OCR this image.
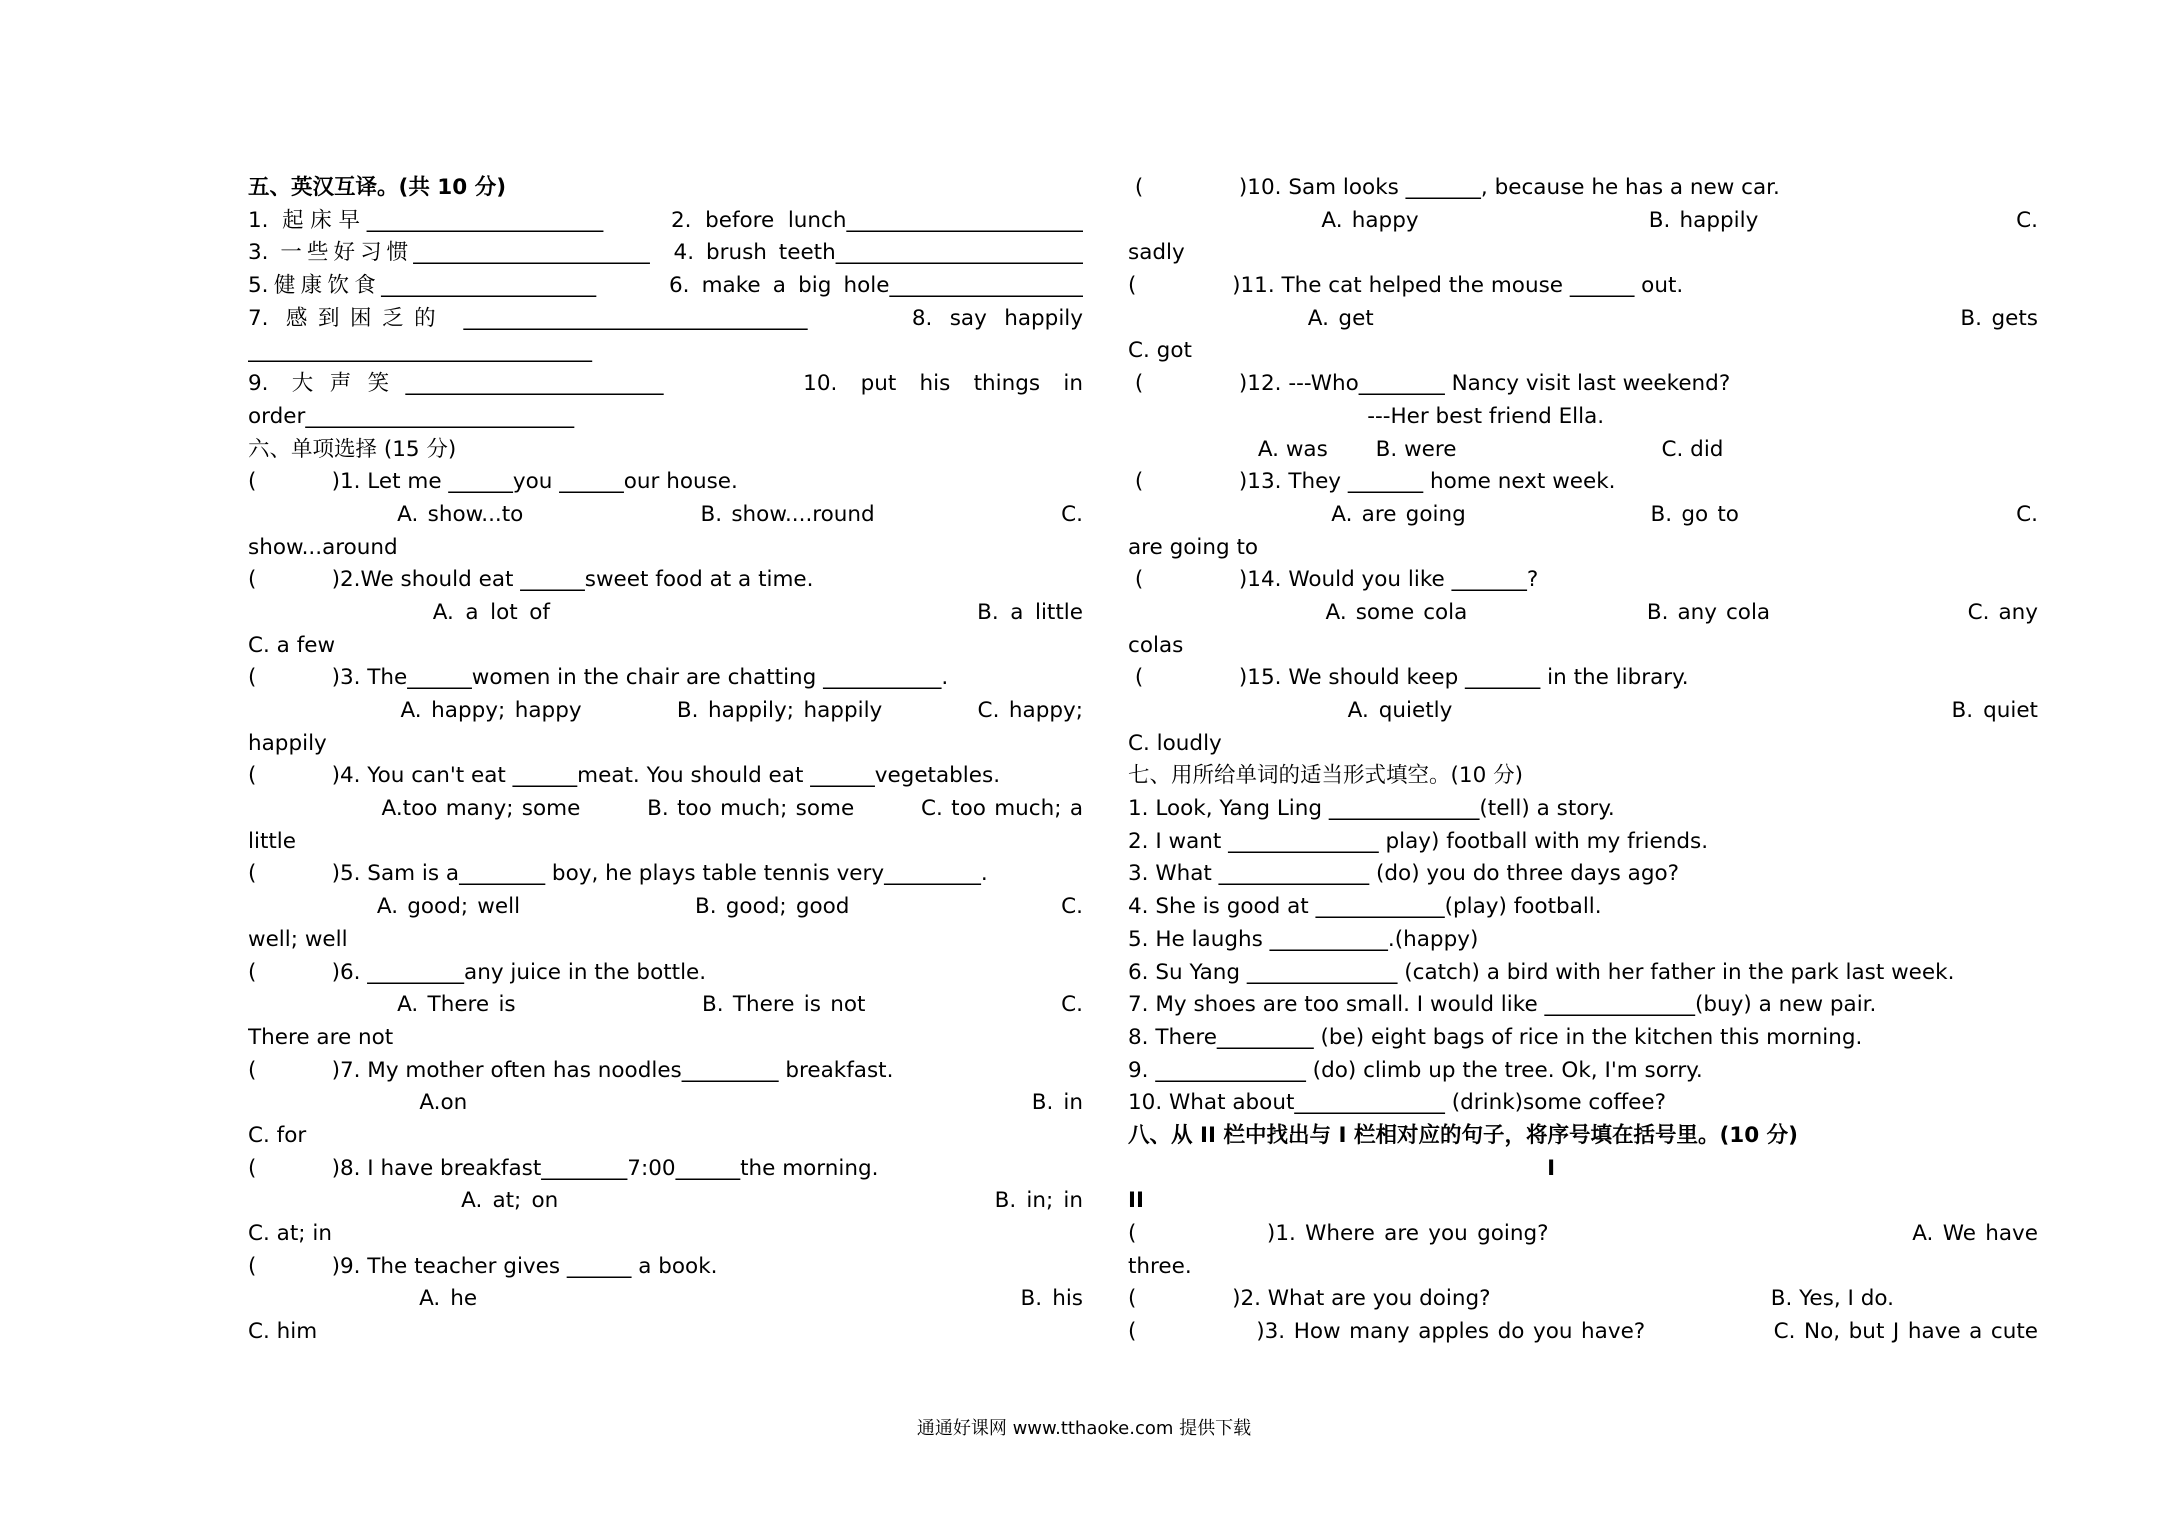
五、英汉互译。(共 10 分)
1. 起床早______________________     2. before lunch______________________
3. 一些好习惯______________________  4. brush teeth_______________________
5.健康饮食____________________      6. make a big hole__________________
7. 感到困乏的 ________________________________      8. say happily
________________________________
9. 大声笑________________________      10. put his things in
order_________________________
六、单项选择 (15 分)
(           )1. Let me ______you ______our house.
A. show...to                   B. show....round                    C.
show...around
(           )2.We should eat ______sweet food at a time.
A. a lot of                                     B. a little
C. a few
(           )3. The______women in the chair are chatting ___________.
A. happy; happy          B. happily; happily          C. happy;
happily
(           )4. You can't eat ______meat. You should eat ______vegetables.
A.too many; some        B. too much; some        C. too much; a
little
(           )5. Sam is a________ boy, he plays table tennis very_________.
A. good; well                   B. good; good                       C.
well; well
(           )6. _________any juice in the bottle.
A. There is                    B. There is not                     C.
There are not
(           )7. My mother often has noodles_________ breakfast.
A.on                                                        B. in
C. for
(           )8. I have breakfast________7:00______the morning.
A. at; on                                           B. in; in
C. at; in
(           )9. The teacher gives ______ a book.
A. he                                                      B. his
C. him
(              )10. Sam looks _______, because he has a new car.
A. happy                         B. happily                            C.
sadly
(              )11. The cat helped the mouse ______ out.
A. get                                                              B. gets
C. got
(              )12. ---Who________ Nancy visit last weekend?
---Her best friend Ella.
A. was       B. were                              C. did
(              )13. They _______ home next week.
A. are going                    B. go to                              C.
are going to
(              )14. Would you like _______?
A. some cola                    B. any cola                      C. any
colas
(              )15. We should keep _______ in the library.
A. quietly                                                  B. quiet
C. loudly
七、用所给单词的适当形式填空。(10 分)
1. Look, Yang Ling ______________(tell) a story.
2. I want ______________ play) football with my friends.
3. What ______________ (do) you do three days ago?
4. She is good at ____________(play) football.
5. He laughs ___________.(happy)
6. Su Yang ______________ (catch) a bird with her father in the park last week.
7. My shoes are too small. I would like ______________(buy) a new pair.
8. There_________ (be) eight bags of rice in the kitchen this morning.
9. ______________ (do) climb up the tree. Ok, I'm sorry.
10. What about______________ (drink)some coffee?
八、从 II 栏中找出与 I 栏相对应的句子，将序号填在括号里。(10 分)
I
II
(              )1. Where are you going?                                       A. We have
three.
(              )2. What are you doing?                                         B. Yes, I do.
(              )3. How many apples do you have?               C. No, but J have a cute
通通好课网 www.tthaoke.com 提供下载
